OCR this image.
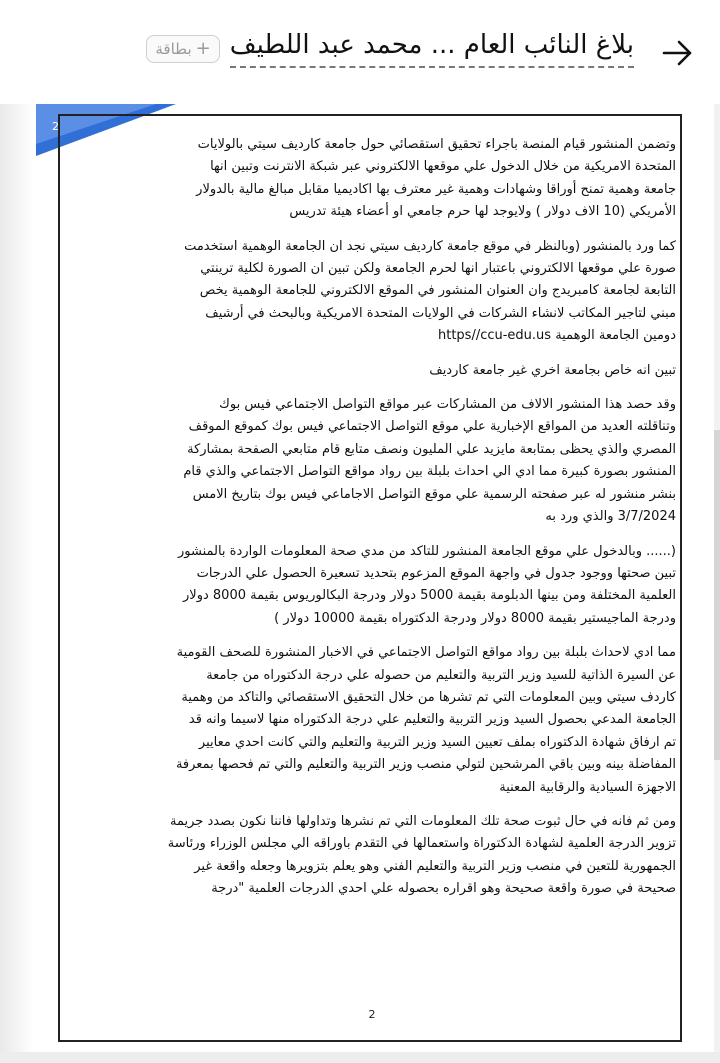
بلاغ النائب العام ... محمد عبد اللطيف
+
بطاقة
2

وتضمن المنشور قيام المنصة باجراء تحقيق استقصائي حول جامعة كارديف سيتي بالولايات
المتحدة الامريكية من خلال الدخول علي موقعها الالكتروني عبر شبكة الانترنت وتبين انها
جامعة وهمية تمنح أوراقا وشهادات وهمية غير معترف بها اكاديميا مقابل مبالغ مالية بالدولار
الأمريكي (10 الاف دولار ) ولايوجد لها حرم جامعي او أعضاء هيئة تدريس

كما ورد بالمنشور (وبالنظر في موقع جامعة كارديف سيتي نجد ان الجامعة الوهمية استخدمت
صورة علي موقعها الالكتروني باعتبار انها لحرم الجامعة ولكن تبين ان الصورة لكلية ترينتي
التابعة لجامعة كامبريدج وان العنوان المنشور في الموقع الالكتروني للجامعة الوهمية يخص
مبني لتاجير المكاتب لانشاء الشركات في الولايات المتحدة الامريكية وبالبحث في أرشيف
دومين الجامعة الوهمية https//ccu-edu.us

تبين انه خاص بجامعة اخري غير جامعة كارديف

وقد حصد هذا المنشور الالاف من المشاركات عبر مواقع التواصل الاجتماعي فيس بوك
وتناقلته العديد من المواقع الإخبارية علي موقع التواصل الاجتماعي فيس بوك كموقع الموقف
المصري والذي يحظى بمتابعة مايزيد علي المليون ونصف متابع قام متابعي الصفحة بمشاركة
المنشور بصورة كبيرة مما ادي الي احداث بلبلة بين رواد مواقع التواصل الاجتماعي والذي قام
بنشر منشور له عبر صفحته الرسمية علي موقع التواصل الاجاماعي فيس بوك بتاريخ الامس
3/7/2024 والذي ورد به

(...... وبالدخول علي موقع الجامعة المنشور للتاكد من مدي صحة المعلومات الواردة بالمنشور
تبين صحتها ووجود جدول في واجهة الموقع المزعوم بتحديد تسعيرة الحصول علي الدرجات
العلمية المختلفة ومن بينها الدبلومة بقيمة 5000 دولار ودرجة البكالوريوس بقيمة 8000 دولار
ودرجة الماجيستير بقيمة 8000 دولار ودرجة الدكتوراه بقيمة 10000 دولار )

مما ادي لاحداث بلبلة بين رواد مواقع التواصل الاجتماعي في الاخبار المنشورة للصحف القومية
عن السيرة الذاتية للسيد وزير التربية والتعليم من حصوله علي درجة الدكتوراه من جامعة
كاردف سيتي وبين المعلومات التي تم تشرها من خلال التحقيق الاستقصائي والتاكد من وهمية
الجامعة المدعي بحصول السيد وزير التربية والتعليم علي درجة الدكتوراه منها لاسيما وانه قد
تم ارفاق شهادة الدكتوراه بملف تعيين السيد وزير التربية والتعليم والتي كانت احدي معايير
المفاضلة بينه وبين باقي المرشحين لتولي منصب وزير التربية والتعليم والتي تم فحصها بمعرفة
الاجهزة السيادية والرقابية المعنية

ومن ثم فانه في حال ثبوت صحة تلك المعلومات التي تم نشرها وتداولها فاننا نكون بصدد جريمة
تزوير الدرجة العلمية لشهادة الدكتوراة واستعمالها في التقدم باوراقه الي مجلس الوزراء ورئاسة
الجمهورية للتعين في منصب وزير التربية والتعليم الفني وهو يعلم بتزويرها وجعله واقعة غير
صحيحة في صورة واقعة صحيحة وهو اقراره بحصوله علي احدي الدرجات العلمية "درجة

2
